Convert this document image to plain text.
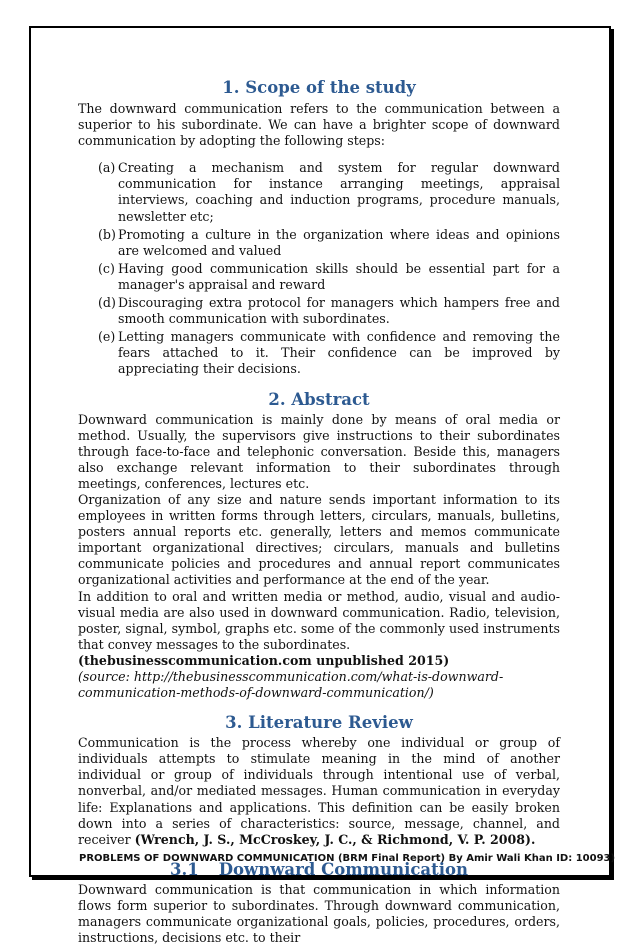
1. Scope of the study

The downward communication refers to the communication between a superior to his subordinate. We can have a brighter scope of downward communication by adopting the following steps:

(a) Creating a mechanism and system for regular downward communication for instance arranging meetings, appraisal interviews, coaching and induction programs, procedure manuals, newsletter etc;
(b) Promoting a culture in the organization where ideas and opinions are welcomed and valued
(c) Having good communication skills should be essential part for a manager's appraisal and reward
(d) Discouraging extra protocol for managers which hampers free and smooth communication with subordinates.
(e) Letting managers communicate with confidence and removing the fears attached to it. Their confidence can be improved by appreciating their decisions.
2. Abstract

Downward communication is mainly done by means of oral media or method. Usually, the supervisors give instructions to their subordinates through face-to-face and telephonic conversation. Beside this, managers also exchange relevant information to their subordinates through meetings, conferences, lectures etc.

Organization of any size and nature sends important information to its employees in written forms through letters, circulars, manuals, bulletins, posters annual reports etc. generally, letters and memos communicate important organizational directives; circulars, manuals and bulletins communicate policies and procedures and annual report communicates organizational activities and performance at the end of the year.

In addition to oral and written media or method, audio, visual and audio-visual media are also used in downward communication. Radio, television, poster, signal, symbol, graphs etc. some of the commonly used instruments that convey messages to the subordinates.

(thebusinesscommunication.com unpublished 2015)

(source: http://thebusinesscommunication.com/what-is-downward-communication-methods-of-downward-communication/)

3. Literature Review

Communication is the process whereby one individual or group of individuals attempts to stimulate meaning in the mind of another individual or group of individuals through intentional use of verbal, nonverbal, and/or mediated messages. Human communication in everyday life: Explanations and applications. This definition can be easily broken down into a series of characteristics: source, message, channel, and receiver (Wrench, J. S., McCroskey, J. C., & Richmond, V. P. 2008).

3.1 Downward Communication

Downward communication is that communication in which information flows form superior to subordinates. Through downward communication, managers communicate organizational goals, policies, procedures, orders, instructions, decisions etc. to their

PROBLEMS OF DOWNWARD COMMUNICATION (BRM Final Report) By Amir Wali Khan ID: 10093)
